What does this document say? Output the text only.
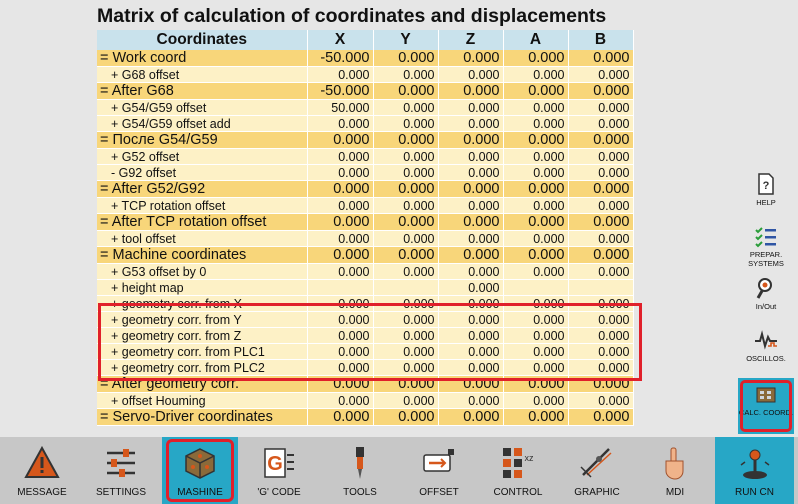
Matrix of calculation of coordinates and displacements
Coordinates	X	Y	Z	A	B
= Work coord	-50.000	0.000	0.000	0.000	0.000
+ G68 offset	0.000	0.000	0.000	0.000	0.000
= After G68	-50.000	0.000	0.000	0.000	0.000
+ G54/G59 offset	50.000	0.000	0.000	0.000	0.000
+ G54/G59 offset add	0.000	0.000	0.000	0.000	0.000
= После G54/G59	0.000	0.000	0.000	0.000	0.000
+ G52 offset	0.000	0.000	0.000	0.000	0.000
- G92 offset	0.000	0.000	0.000	0.000	0.000
= After G52/G92	0.000	0.000	0.000	0.000	0.000
+ TCP rotation offset	0.000	0.000	0.000	0.000	0.000
= After TCP rotation offset	0.000	0.000	0.000	0.000	0.000
+ tool offset	0.000	0.000	0.000	0.000	0.000
= Machine coordinates	0.000	0.000	0.000	0.000	0.000
+ G53 offset by 0	0.000	0.000	0.000	0.000	0.000
+ height map			0.000		
+ geometry corr. from X	0.000	0.000	0.000	0.000	0.000
+ geometry corr. from Y	0.000	0.000	0.000	0.000	0.000
+ geometry corr. from Z	0.000	0.000	0.000	0.000	0.000
+ geometry corr. from PLC1	0.000	0.000	0.000	0.000	0.000
+ geometry corr. from PLC2	0.000	0.000	0.000	0.000	0.000
= After geometry corr.	0.000	0.000	0.000	0.000	0.000
+ offset Houming	0.000	0.000	0.000	0.000	0.000
= Servo-Driver coordinates	0.000	0.000	0.000	0.000	0.000
?
HELP
PREPAR. SYSTEMS
In/Out
OSCILLOS.
CALC. COORD.
MESSAGE	SETTINGS	MASHINE
G
'G' CODE	TOOLS	OFFSET
xz
CONTROL	GRAPHIC	MDI	RUN CN
